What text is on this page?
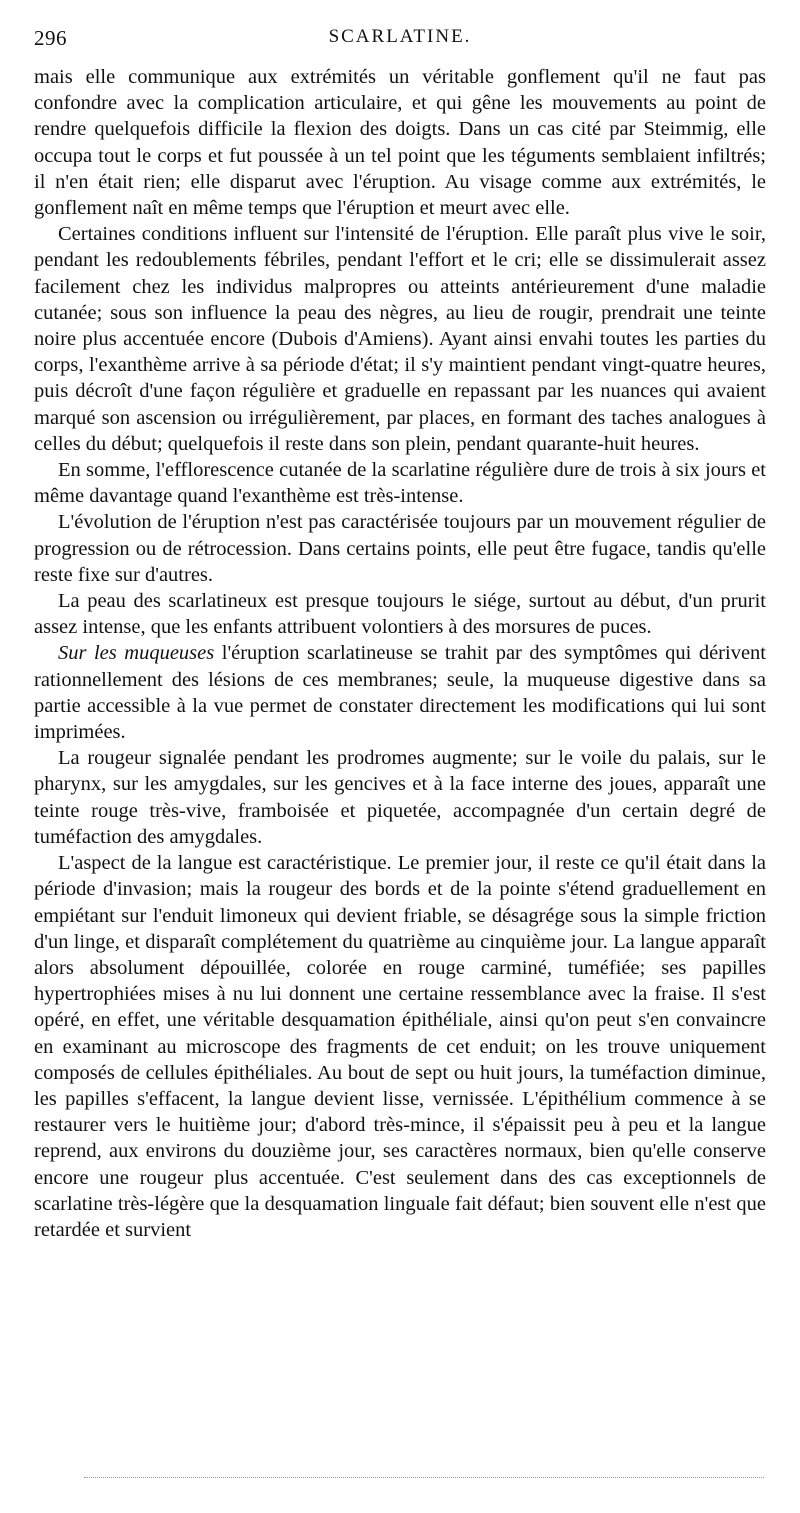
296	SCARLATINE.

mais elle communique aux extrémités un véritable gonflement qu'il ne faut pas confondre avec la complication articulaire, et qui gêne les mouvements au point de rendre quelquefois difficile la flexion des doigts. Dans un cas cité par Steimmig, elle occupa tout le corps et fut poussée à un tel point que les téguments semblaient infiltrés; il n'en était rien; elle disparut avec l'éruption. Au visage comme aux extrémités, le gonflement naît en même temps que l'éruption et meurt avec elle.

Certaines conditions influent sur l'intensité de l'éruption. Elle paraît plus vive le soir, pendant les redoublements fébriles, pendant l'effort et le cri; elle se dissimulerait assez facilement chez les individus malpropres ou atteints antérieurement d'une maladie cutanée; sous son influence la peau des nègres, au lieu de rougir, prendrait une teinte noire plus accentuée encore (Dubois d'Amiens). Ayant ainsi envahi toutes les parties du corps, l'exanthème arrive à sa période d'état; il s'y maintient pendant vingt-quatre heures, puis décroît d'une façon régulière et graduelle en repassant par les nuances qui avaient marqué son ascension ou irrégulièrement, par places, en formant des taches analogues à celles du début; quelquefois il reste dans son plein, pendant quarante-huit heures.

En somme, l'efflorescence cutanée de la scarlatine régulière dure de trois à six jours et même davantage quand l'exanthème est très-intense.

L'évolution de l'éruption n'est pas caractérisée toujours par un mouvement régulier de progression ou de rétrocession. Dans certains points, elle peut être fugace, tandis qu'elle reste fixe sur d'autres.

La peau des scarlatineux est presque toujours le siége, surtout au début, d'un prurit assez intense, que les enfants attribuent volontiers à des morsures de puces.

Sur les muqueuses l'éruption scarlatineuse se trahit par des symptômes qui dérivent rationnellement des lésions de ces membranes; seule, la muqueuse digestive dans sa partie accessible à la vue permet de constater directement les modifications qui lui sont imprimées.

La rougeur signalée pendant les prodromes augmente; sur le voile du palais, sur le pharynx, sur les amygdales, sur les gencives et à la face interne des joues, apparaît une teinte rouge très-vive, framboisée et piquetée, accompagnée d'un certain degré de tuméfaction des amygdales.

L'aspect de la langue est caractéristique. Le premier jour, il reste ce qu'il était dans la période d'invasion; mais la rougeur des bords et de la pointe s'étend graduellement en empiétant sur l'enduit limoneux qui devient friable, se désagrége sous la simple friction d'un linge, et disparaît complétement du quatrième au cinquième jour. La langue apparaît alors absolument dépouillée, colorée en rouge carminé, tuméfiée; ses papilles hypertrophiées mises à nu lui donnent une certaine ressemblance avec la fraise. Il s'est opéré, en effet, une véritable desquamation épithéliale, ainsi qu'on peut s'en convaincre en examinant au microscope des fragments de cet enduit; on les trouve uniquement composés de cellules épithéliales. Au bout de sept ou huit jours, la tuméfaction diminue, les papilles s'effacent, la langue devient lisse, vernissée. L'épithélium commence à se restaurer vers le huitième jour; d'abord très-mince, il s'épaissit peu à peu et la langue reprend, aux environs du douzième jour, ses caractères normaux, bien qu'elle conserve encore une rougeur plus accentuée. C'est seulement dans des cas exceptionnels de scarlatine très-légère que la desquamation linguale fait défaut; bien souvent elle n'est que retardée et survient
